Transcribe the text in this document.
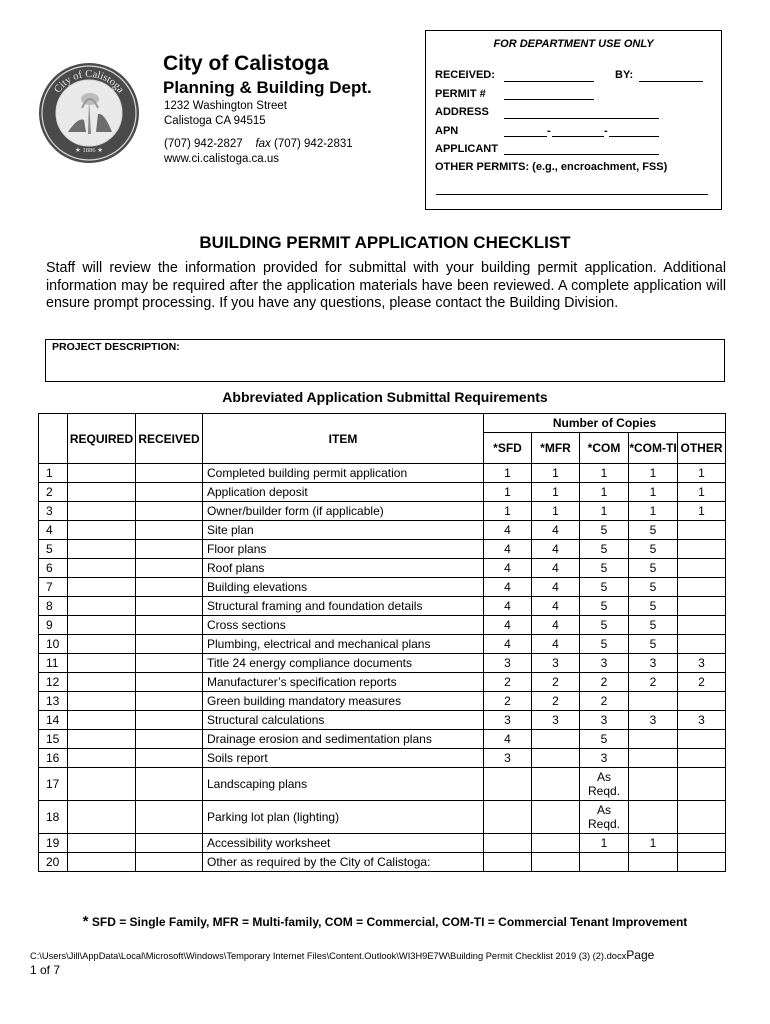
City of Calistoga
★ 1886 ★
City of Calistoga
Planning & Building Dept.
1232 Washington Street
Calistoga CA 94515
(707) 942-2827 fax (707) 942-2831
www.ci.calistoga.ca.us
FOR DEPARTMENT USE ONLY
RECEIVED:	BY:
PERMIT #
ADDRESS
APN	-	-
APPLICANT
OTHER PERMITS: (e.g., encroachment, FSS)
BUILDING PERMIT APPLICATION CHECKLIST
Staff will review the information provided for submittal with your building permit application. Additional information may be required after the application materials have been reviewed. A complete application will ensure prompt processing. If you have any questions, please contact the Building Division.
PROJECT DESCRIPTION:
Abbreviated Application Submittal Requirements
	REQUIRED	RECEIVED	ITEM	Number of Copies				
				*SFD	*MFR	*COM	*COM-TI	OTHER
1			Completed building permit application	1	1	1	1	1
2			Application deposit	1	1	1	1	1
3			Owner/builder form (if applicable)	1	1	1	1	1
4			Site plan	4	4	5	5	
5			Floor plans	4	4	5	5	
6			Roof plans	4	4	5	5	
7			Building elevations	4	4	5	5	
8			Structural framing and foundation details	4	4	5	5	
9			Cross sections	4	4	5	5	
10			Plumbing, electrical and mechanical plans	4	4	5	5	
11			Title 24 energy compliance documents	3	3	3	3	3
12			Manufacturer’s specification reports	2	2	2	2	2
13			Green building mandatory measures	2	2	2		
14			Structural calculations	3	3	3	3	3
15			Drainage erosion and sedimentation plans	4		5		
16			Soils report	3		3		
17			Landscaping plans			As Reqd.		
18			Parking lot plan (lighting)			As Reqd.		
19			Accessibility worksheet			1	1	
20			Other as required by the City of Calistoga:					
* SFD = Single Family, MFR = Multi-family, COM = Commercial, COM-TI = Commercial Tenant Improvement
C:\Users\Jill\AppData\Local\Microsoft\Windows\Temporary Internet Files\Content.Outlook\WI3H9E7W\Building Permit Checklist 2019 (3) (2).docxPage
1 of 7
